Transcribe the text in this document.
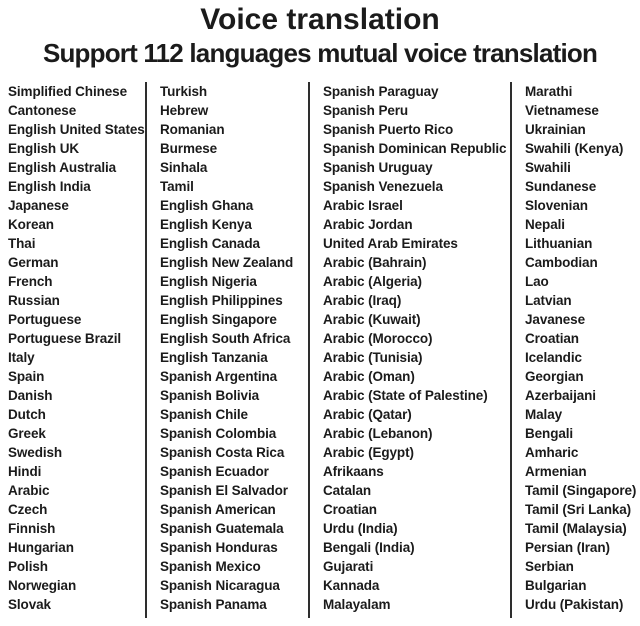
Voice translation
Support 112 languages mutual voice translation
Simplified Chinese
Cantonese
English United States
English UK
English Australia
English India
Japanese
Korean
Thai
German
French
Russian
Portuguese
Portuguese Brazil
Italy
Spain
Danish
Dutch
Greek
Swedish
Hindi
Arabic
Czech
Finnish
Hungarian
Polish
Norwegian
Slovak
Turkish
Hebrew
Romanian
Burmese
Sinhala
Tamil
English Ghana
English Kenya
English Canada
English New Zealand
English Nigeria
English Philippines
English Singapore
English South Africa
English Tanzania
Spanish Argentina
Spanish Bolivia
Spanish Chile
Spanish Colombia
Spanish Costa Rica
Spanish Ecuador
Spanish El Salvador
Spanish American
Spanish Guatemala
Spanish Honduras
Spanish Mexico
Spanish Nicaragua
Spanish Panama
Spanish Paraguay
Spanish Peru
Spanish Puerto Rico
Spanish Dominican Republic
Spanish Uruguay
Spanish Venezuela
Arabic Israel
Arabic Jordan
United Arab Emirates
Arabic (Bahrain)
Arabic (Algeria)
Arabic (Iraq)
Arabic (Kuwait)
Arabic (Morocco)
Arabic (Tunisia)
Arabic (Oman)
Arabic (State of Palestine)
Arabic (Qatar)
Arabic (Lebanon)
Arabic (Egypt)
Afrikaans
Catalan
Croatian
Urdu (India)
Bengali (India)
Gujarati
Kannada
Malayalam
Marathi
Vietnamese
Ukrainian
Swahili (Kenya)
Swahili
Sundanese
Slovenian
Nepali
Lithuanian
Cambodian
Lao
Latvian
Javanese
Croatian
Icelandic
Georgian
Azerbaijani
Malay
Bengali
Amharic
Armenian
Tamil (Singapore)
Tamil (Sri Lanka)
Tamil (Malaysia)
Persian (Iran)
Serbian
Bulgarian
Urdu (Pakistan)
